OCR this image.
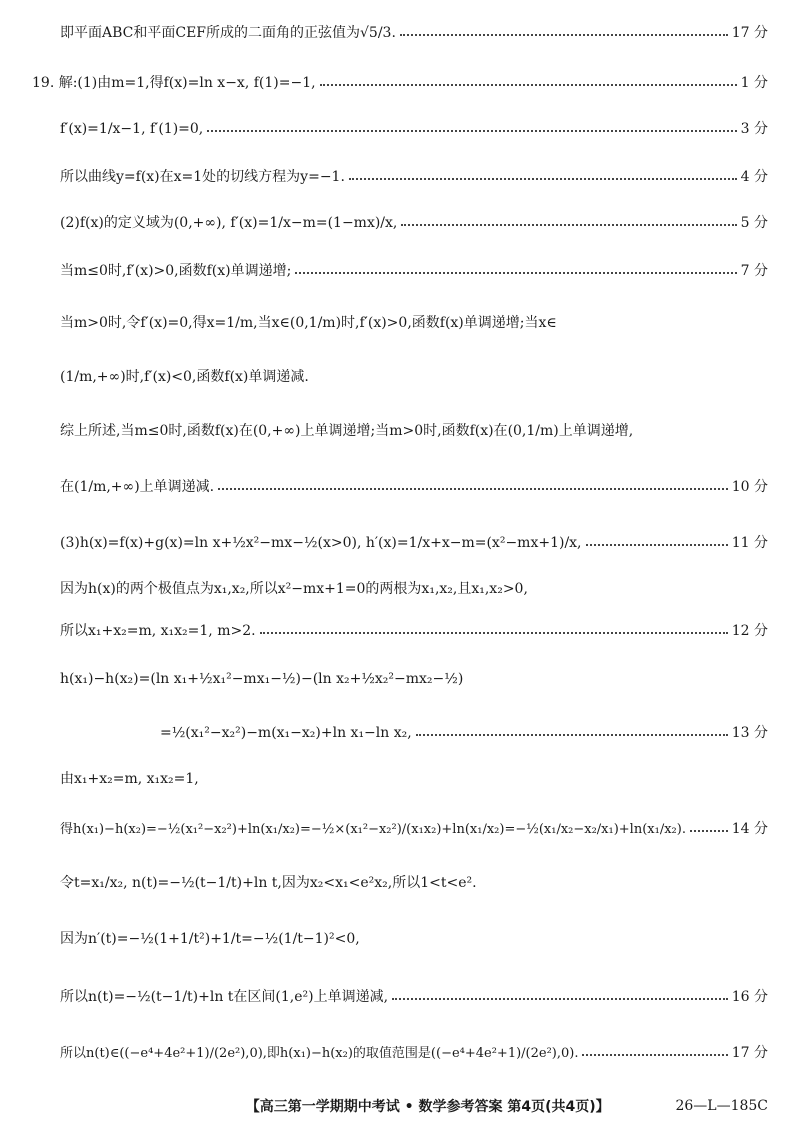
即平面ABC和平面CEF所成的二面角的正弦值为√5/3.	17 分
19. 解:(1)由m=1,得f(x)=ln x−x, f(1)=−1,	1 分
f′(x)=1/x−1, f′(1)=0,	3 分
所以曲线y=f(x)在x=1处的切线方程为y=−1.	4 分
(2)f(x)的定义域为(0,+∞), f′(x)=1/x−m=(1−mx)/x,	5 分
当m≤0时,f′(x)>0,函数f(x)单调递增;	7 分
当m>0时,令f′(x)=0,得x=1/m,当x∈(0,1/m)时,f′(x)>0,函数f(x)单调递增;当x∈
(1/m,+∞)时,f′(x)<0,函数f(x)单调递减.
综上所述,当m≤0时,函数f(x)在(0,+∞)上单调递增;当m>0时,函数f(x)在(0,1/m)上单调递增,
在(1/m,+∞)上单调递减.	10 分
(3)h(x)=f(x)+g(x)=ln x+½x²−mx−½(x>0), h′(x)=1/x+x−m=(x²−mx+1)/x,	11 分
因为h(x)的两个极值点为x₁,x₂,所以x²−mx+1=0的两根为x₁,x₂,且x₁,x₂>0,
所以x₁+x₂=m, x₁x₂=1, m>2.	12 分
h(x₁)−h(x₂)=(ln x₁+½x₁²−mx₁−½)−(ln x₂+½x₂²−mx₂−½)
=½(x₁²−x₂²)−m(x₁−x₂)+ln x₁−ln x₂,	13 分
由x₁+x₂=m, x₁x₂=1,
得h(x₁)−h(x₂)=−½(x₁²−x₂²)+ln(x₁/x₂)=−½×(x₁²−x₂²)/(x₁x₂)+ln(x₁/x₂)=−½(x₁/x₂−x₂/x₁)+ln(x₁/x₂).	14 分
令t=x₁/x₂, n(t)=−½(t−1/t)+ln t,因为x₂<x₁<e²x₂,所以1<t<e².
因为n′(t)=−½(1+1/t²)+1/t=−½(1/t−1)²<0,
所以n(t)=−½(t−1/t)+ln t在区间(1,e²)上单调递减,	16 分
所以n(t)∈((−e⁴+4e²+1)/(2e²),0),即h(x₁)−h(x₂)的取值范围是((−e⁴+4e²+1)/(2e²),0).	17 分
【高三第一学期期中考试 • 数学参考答案 第4页(共4页)】	26—L—185C
